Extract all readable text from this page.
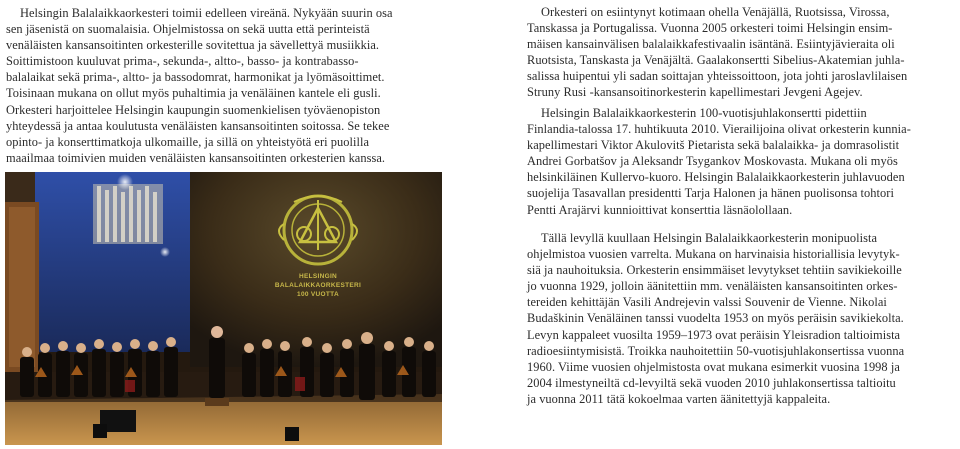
Helsingin Balalaikkaorkesteri toimii edelleen vireänä. Nykyään suurin osa
sen jäsenistä on suomalaisia. Ohjelmistossa on sekä uutta että perinteistä
venäläisten kansansoitinten orkesterille sovitettua ja sävellettyä musiikkia.
Soittimistoon kuuluvat prima-, sekunda-, altto-, basso- ja kontrabasso-
balalaikat sekä prima-, altto- ja bassodomrat, harmonikat ja lyömäsoittimet.
Toisinaan mukana on ollut myös puhaltimia ja venäläinen kantele eli gusli.
Orkesteri harjoittelee Helsingin kaupungin suomenkielisen työväenopiston
yhteydessä ja antaa koulutusta venäläisten kansansoitinten soitossa. Se tekee
opinto- ja konserttimatkoja ulkomaille, ja sillä on yhteistyötä eri puolilla
maailmaa toimivien muiden venäläisten kansansoitinten orkesterien kanssa.
HELSINGIN
BALALAIKKAORKESTERI
100 VUOTTA
Orkesteri on esiintynyt kotimaan ohella Venäjällä, Ruotsissa, Virossa,
Tanskassa ja Portugalissa. Vuonna 2005 orkesteri toimi Helsingin ensim-
mäisen kansainvälisen balalaikkafestivaalin isäntänä. Esiintyjävieraita oli
Ruotsista, Tanskasta ja Venäjältä. Gaalakonsertti Sibelius-Akatemian juhla-
salissa huipentui yli sadan soittajan yhteissoittoon, jota johti jaroslavlilaisen
Struny Rusi -kansansoitinorkesterin kapellimestari Jevgeni Agejev.
Helsingin Balalaikkaorkesterin 100-vuotisjuhlakonsertti pidettiin
Finlandia-talossa 17. huhtikuuta 2010. Vierailijoina olivat orkesterin kunnia-
kapellimestari Viktor Akulovitš Pietarista sekä balalaikka- ja domrasolistit
Andrei Gorbatšov ja Aleksandr Tsygankov Moskovasta. Mukana oli myös
helsinkiläinen Kullervo-kuoro. Helsingin Balalaikkaorkesterin juhlavuoden
suojelija Tasavallan presidentti Tarja Halonen ja hänen puolisonsa tohtori
Pentti Arajärvi kunnioittivat konserttia läsnäolollaan.
Tällä levyllä kuullaan Helsingin Balalaikkaorkesterin monipuolista
ohjelmistoa vuosien varrelta. Mukana on harvinaisia historiallisia levytyk-
siä ja nauhoituksia. Orkesterin ensimmäiset levytykset tehtiin savikiekoille
jo vuonna 1929, jolloin äänitettiin mm. venäläisten kansansoitinten orkes-
tereiden kehittäjän Vasili Andrejevin valssi Souvenir de Vienne. Nikolai
Budaškinin Venäläinen tanssi vuodelta 1953 on myös peräisin savikiekolta.
Levyn kappaleet vuosilta 1959–1973 ovat peräisin Yleisradion taltioimista
radioesiintymisistä. Troikka nauhoitettiin 50-vuotisjuhlakonsertissa vuonna
1960. Viime vuosien ohjelmistosta ovat mukana esimerkit vuosina 1998 ja
2004 ilmestyneiltä cd-levyiltä sekä vuoden 2010 juhlakonsertissa taltioitu
ja vuonna 2011 tätä kokoelmaa varten äänitettyjä kappaleita.
